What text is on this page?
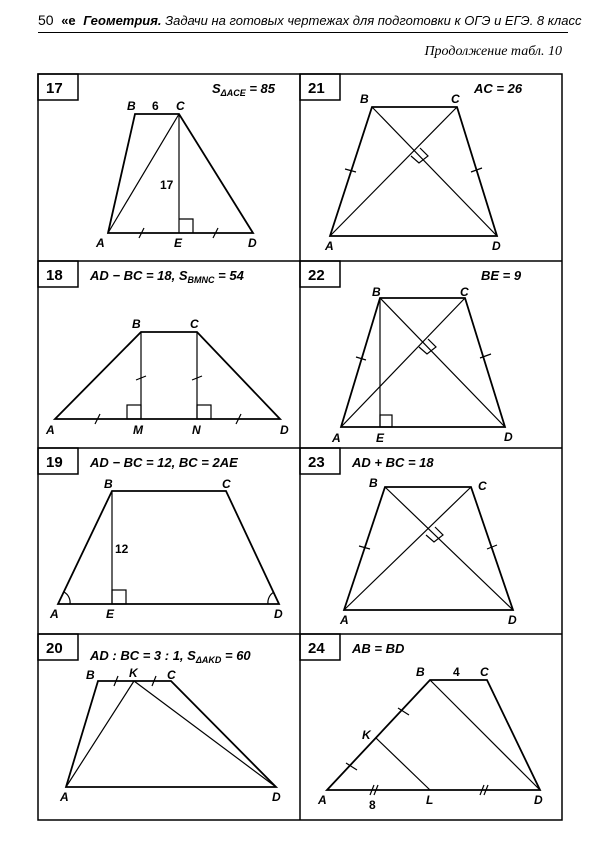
50 «e Геометрия. Задачи на готовых чертежах для подготовки к ОГЭ и ЕГЭ. 8 класс
Продолжение табл. 10
17	$S_{\Delta ACE} = 85$
A
B	C
D
E
6
17
21	AC = 26
A
B	C
D
18 AD − BC = 18, $S_{BMNC} = 54$
A
B	C
D
M	N
22	BE = 9
A
B	C
D
E
19 AD − BC = 12, BC = 2AE
A
B	C
D
E
12
23 AD + BC = 18
A
B	C
D
20 AD : BC = 3 : 1, $S_{\Delta AKD} = 60$
A
B	C
D
K
24 AB = BD
A
B	C
D
K
L
4
8
